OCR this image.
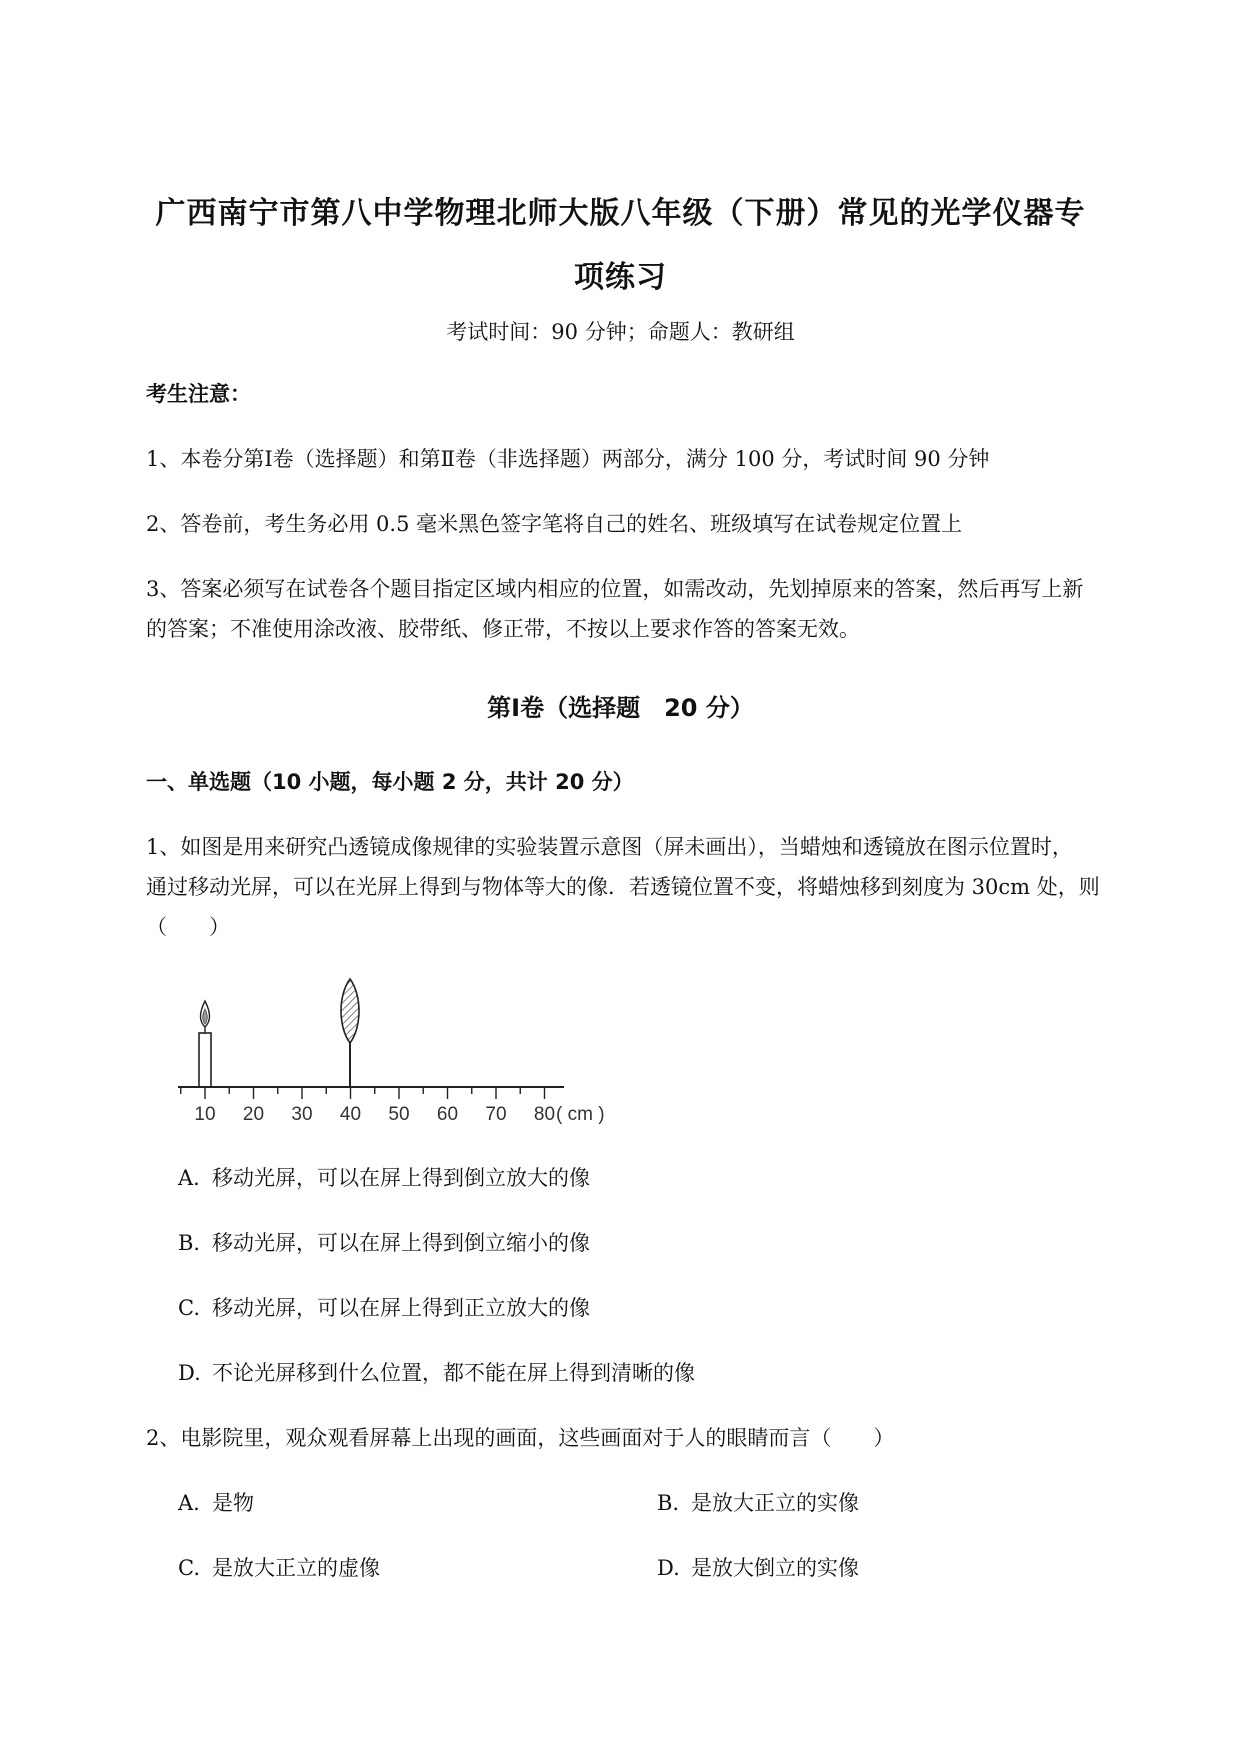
广西南宁市第八中学物理北师大版八年级（下册）常见的光学仪器专
项练习
考试时间：90 分钟；命题人：教研组
考生注意：
1、本卷分第Ⅰ卷（选择题）和第Ⅱ卷（非选择题）两部分，满分 100 分，考试时间 90 分钟
2、答卷前，考生务必用 0.5 毫米黑色签字笔将自己的姓名、班级填写在试卷规定位置上
3、答案必须写在试卷各个题目指定区域内相应的位置，如需改动，先划掉原来的答案，然后再写上新
的答案；不准使用涂改液、胶带纸、修正带，不按以上要求作答的答案无效。
第Ⅰ卷（选择题　20 分）
一、单选题（10 小题，每小题 2 分，共计 20 分）
1、如图是用来研究凸透镜成像规律的实验装置示意图（屏未画出），当蜡烛和透镜放在图示位置时，
通过移动光屏，可以在光屏上得到与物体等大的像．若透镜位置不变，将蜡烛移到刻度为 30cm 处，则
（　　）
10 20 30 40 50 60 70 80 ( cm )
A. 移动光屏，可以在屏上得到倒立放大的像
B. 移动光屏，可以在屏上得到倒立缩小的像
C. 移动光屏，可以在屏上得到正立放大的像
D. 不论光屏移到什么位置，都不能在屏上得到清晰的像
2、电影院里，观众观看屏幕上出现的画面，这些画面对于人的眼睛而言（　　）
A. 是物	B. 是放大正立的实像
C. 是放大正立的虚像	D. 是放大倒立的实像
